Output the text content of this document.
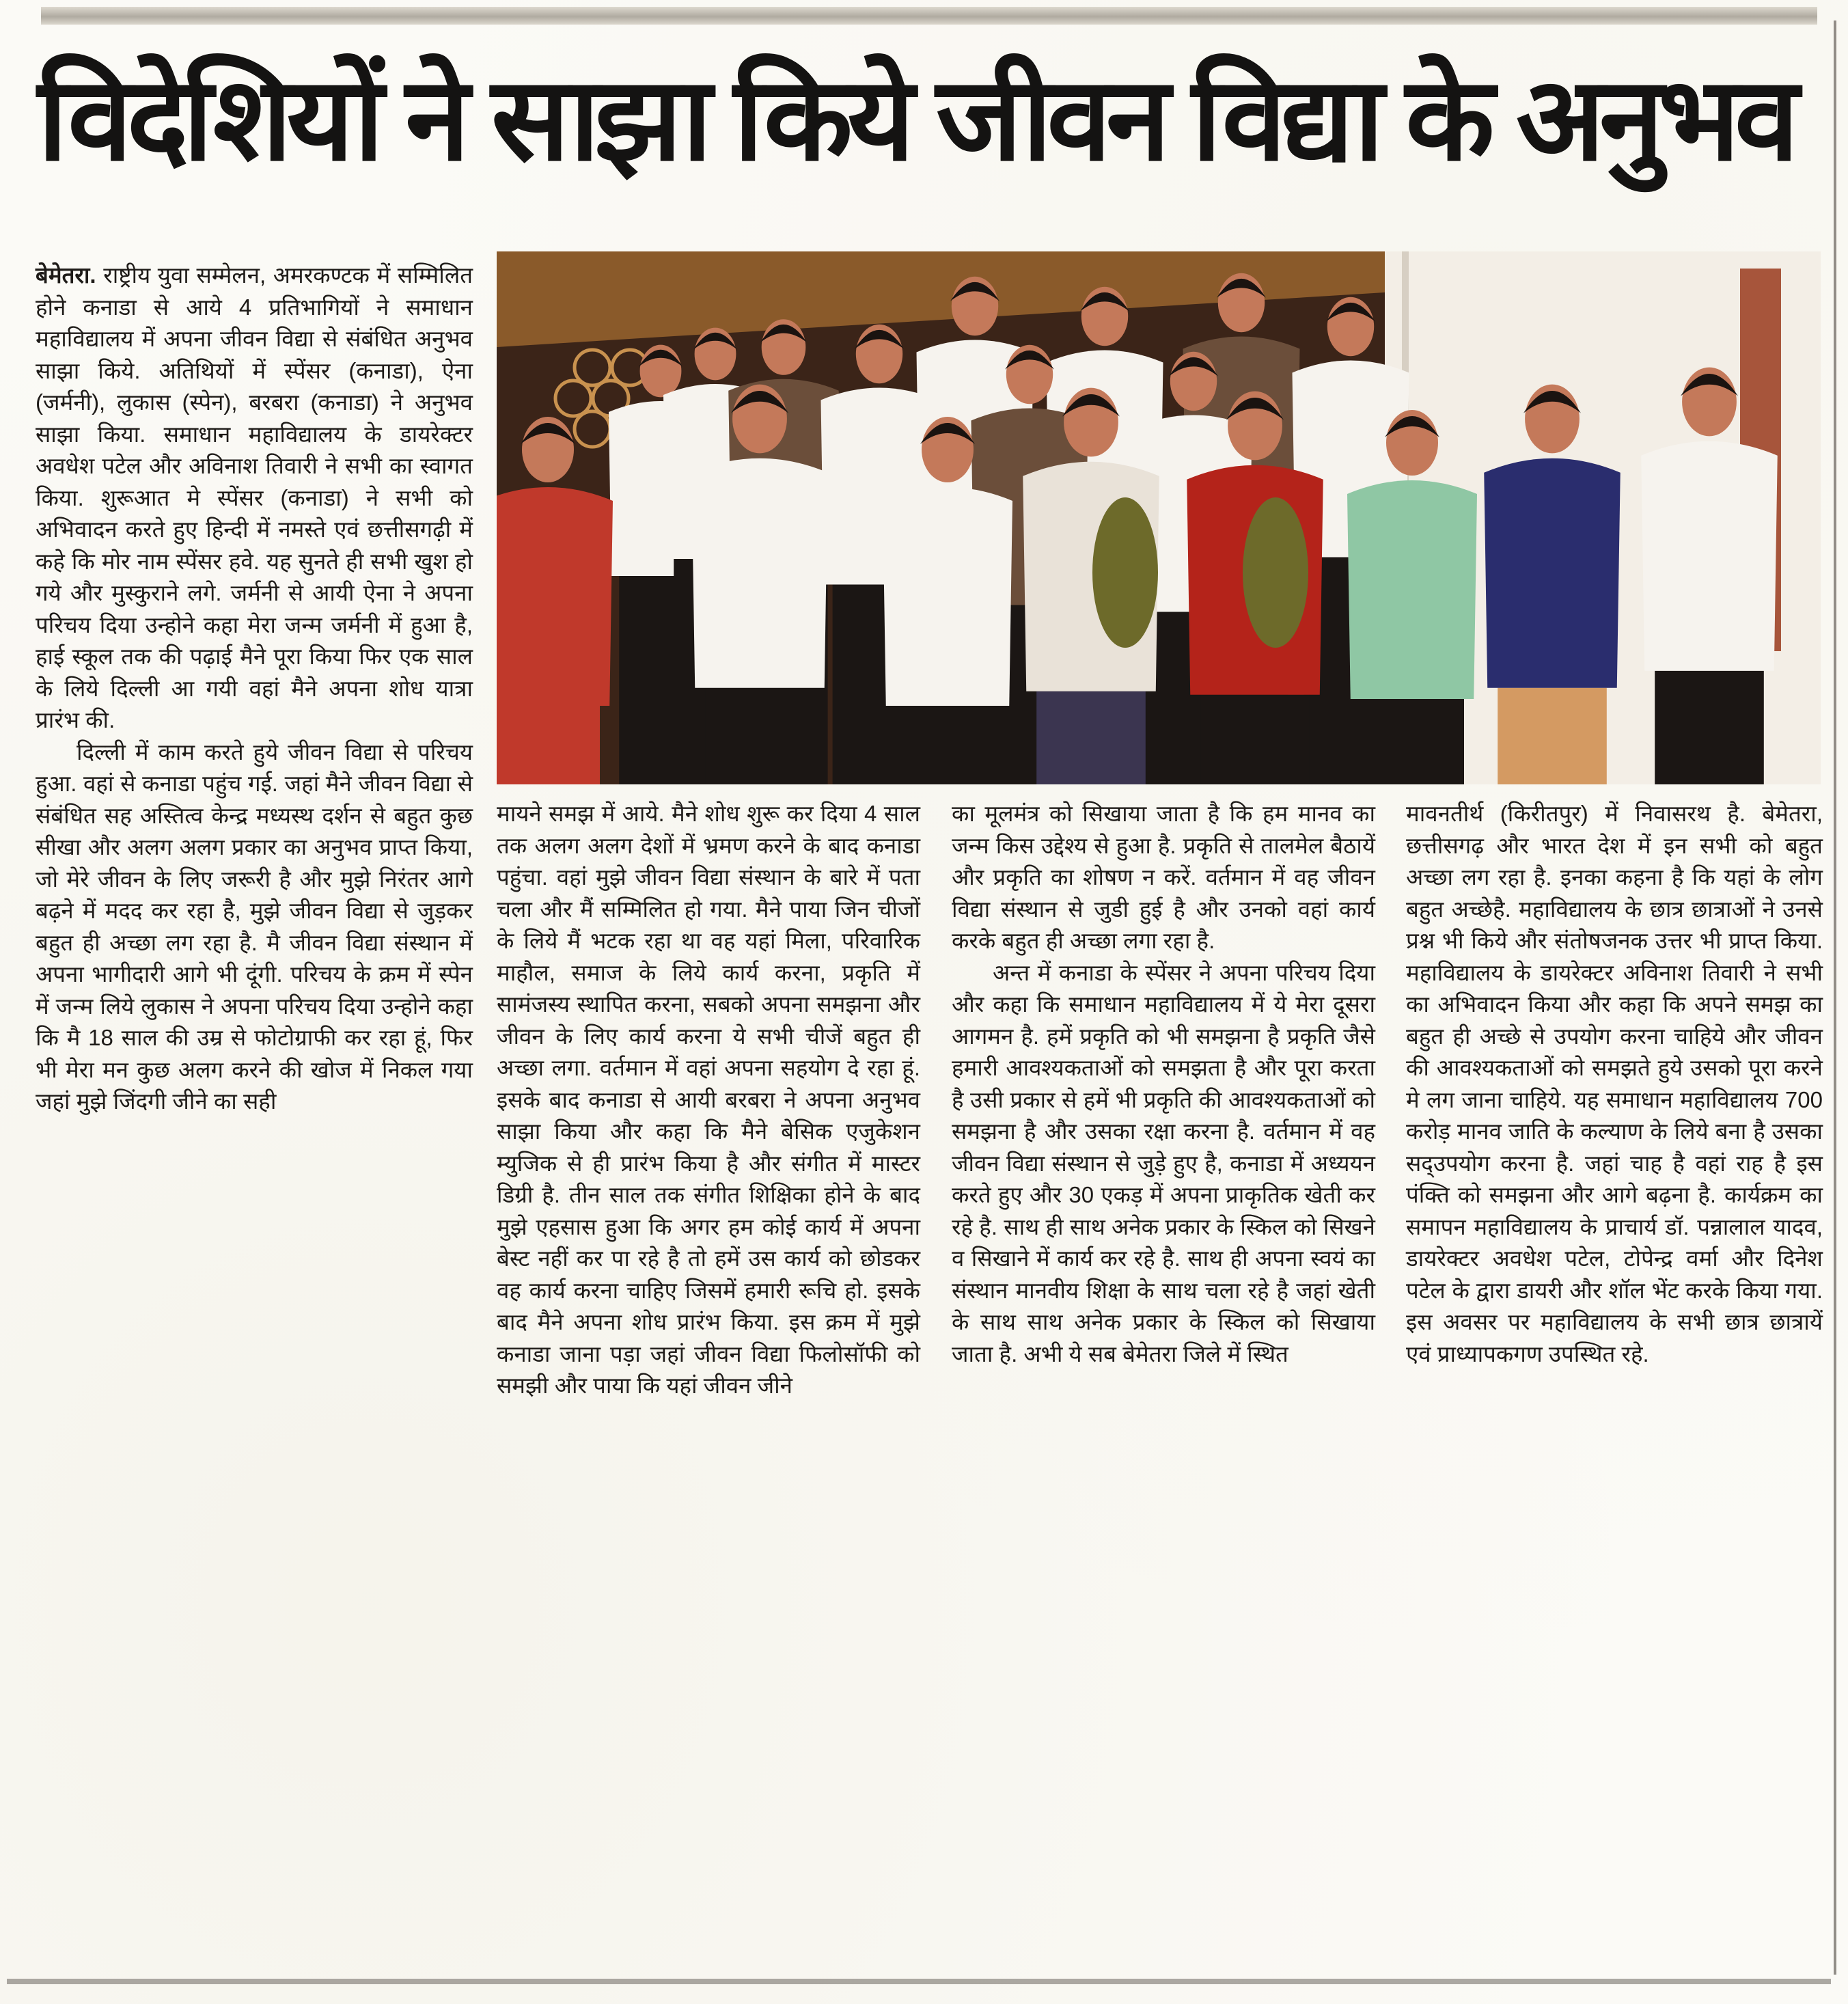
विदेशियों ने साझा किये जीवन विद्या के अनुभव

बेमेतरा. राष्ट्रीय युवा सम्मेलन, अमरकण्टक में सम्मिलित होने कनाडा से आये 4 प्रतिभागियों ने समाधान महाविद्यालय में अपना जीवन विद्या से संबंधित अनुभव साझा किये. अतिथियों में स्पेंसर (कनाडा), ऐना (जर्मनी), लुकास (स्पेन), बरबरा (कनाडा) ने अनुभव साझा किया. समाधान महाविद्यालय के डायरेक्टर अवधेश पटेल और अविनाश तिवारी ने सभी का स्वागत किया. शुरूआत मे स्पेंसर (कनाडा) ने सभी को अभिवादन करते हुए हिन्दी में नमस्ते एवं छत्तीसगढ़ी में कहे कि मोर नाम स्पेंसर हवे. यह सुनते ही सभी खुश हो गये और मुस्कुराने लगे. जर्मनी से आयी ऐना ने अपना परिचय दिया उन्होने कहा मेरा जन्म जर्मनी में हुआ है, हाई स्कूल तक की पढ़ाई मैने पूरा किया फिर एक साल के लिये दिल्ली आ गयी वहां मैने अपना शोध यात्रा प्रारंभ की.

दिल्ली में काम करते हुये जीवन विद्या से परिचय हुआ. वहां से कनाडा पहुंच गई. जहां मैने जीवन विद्या से संबंधित सह अस्तित्व केन्द्र मध्यस्थ दर्शन से बहुत कुछ सीखा और अलग अलग प्रकार का अनुभव प्राप्त किया, जो मेरे जीवन के लिए जरूरी है और मुझे निरंतर आगे बढ़ने में मदद कर रहा है, मुझे जीवन विद्या से जुड़कर बहुत ही अच्छा लग रहा है. मै जीवन विद्या संस्थान में अपना भागीदारी आगे भी दूंगी. परिचय के क्रम में स्पेन में जन्म लिये लुकास ने अपना परिचय दिया उन्होने कहा कि मै 18 साल की उम्र से फोटोग्राफी कर रहा हूं, फिर भी मेरा मन कुछ अलग करने की खोज में निकल गया जहां मुझे जिंदगी जीने का सही

मायने समझ में आये. मैने शोध शुरू कर दिया 4 साल तक अलग अलग देशों में भ्रमण करने के बाद कनाडा पहुंचा. वहां मुझे जीवन विद्या संस्थान के बारे में पता चला और मैं सम्मिलित हो गया. मैने पाया जिन चीजों के लिये मैं भटक रहा था वह यहां मिला, परिवारिक माहौल, समाज के लिये कार्य करना, प्रकृति में सामंजस्य स्थापित करना, सबको अपना समझना और जीवन के लिए कार्य करना ये सभी चीजें बहुत ही अच्छा लगा. वर्तमान में वहां अपना सहयोग दे रहा हूं. इसके बाद कनाडा से आयी बरबरा ने अपना अनुभव साझा किया और कहा कि मैने बेसिक एजुकेशन म्युजिक से ही प्रारंभ किया है और संगीत में मास्टर डिग्री है. तीन साल तक संगीत शिक्षिका होने के बाद मुझे एहसास हुआ कि अगर हम कोई कार्य में अपना बेस्ट नहीं कर पा रहे है तो हमें उस कार्य को छोडकर वह कार्य करना चाहिए जिसमें हमारी रूचि हो. इसके बाद मैने अपना शोध प्रारंभ किया. इस क्रम में मुझे कनाडा जाना पड़ा जहां जीवन विद्या फिलोसॉफी को समझी और पाया कि यहां जीवन जीने

का मूलमंत्र को सिखाया जाता है कि हम मानव का जन्म किस उद्देश्य से हुआ है. प्रकृति से तालमेल बैठायें और प्रकृति का शोषण न करें. वर्तमान में वह जीवन विद्या संस्थान से जुडी हुई है और उनको वहां कार्य करके बहुत ही अच्छा लगा रहा है.

अन्त में कनाडा के स्पेंसर ने अपना परिचय दिया और कहा कि समाधान महाविद्यालय में ये मेरा दूसरा आगमन है. हमें प्रकृति को भी समझना है प्रकृति जैसे हमारी आवश्यकताओं को समझता है और पूरा करता है उसी प्रकार से हमें भी प्रकृति की आवश्यकताओं को समझना है और उसका रक्षा करना है. वर्तमान में वह जीवन विद्या संस्थान से जुड़े हुए है, कनाडा में अध्ययन करते हुए और 30 एकड़ में अपना प्राकृतिक खेती कर रहे है. साथ ही साथ अनेक प्रकार के स्किल को सिखने व सिखाने में कार्य कर रहे है. साथ ही अपना स्वयं का संस्थान मानवीय शिक्षा के साथ चला रहे है जहां खेती के साथ साथ अनेक प्रकार के स्किल को सिखाया जाता है. अभी ये सब बेमेतरा जिले में स्थित

मावनतीर्थ (किरीतपुर) में निवासरथ है. बेमेतरा, छत्तीसगढ़ और भारत देश में इन सभी को बहुत अच्छा लग रहा है. इनका कहना है कि यहां के लोग बहुत अच्छेहै. महाविद्यालय के छात्र छात्राओं ने उनसे प्रश्न भी किये और संतोषजनक उत्तर भी प्राप्त किया. महाविद्यालय के डायरेक्टर अविनाश तिवारी ने सभी का अभिवादन किया और कहा कि अपने समझ का बहुत ही अच्छे से उपयोग करना चाहिये और जीवन की आवश्यकताओं को समझते हुये उसको पूरा करने मे लग जाना चाहिये. यह समाधान महाविद्यालय 700 करोड़ मानव जाति के कल्याण के लिये बना है उसका सद्उपयोग करना है. जहां चाह है वहां राह है इस पंक्ति को समझना और आगे बढ़ना है. कार्यक्रम का समापन महाविद्यालय के प्राचार्य डॉ. पन्नालाल यादव, डायरेक्टर अवधेश पटेल, टोपेन्द्र वर्मा और दिनेश पटेल के द्वारा डायरी और शॉल भेंट करके किया गया. इस अवसर पर महाविद्यालय के सभी छात्र छात्रायें एवं प्राध्यापकगण उपस्थित रहे.
